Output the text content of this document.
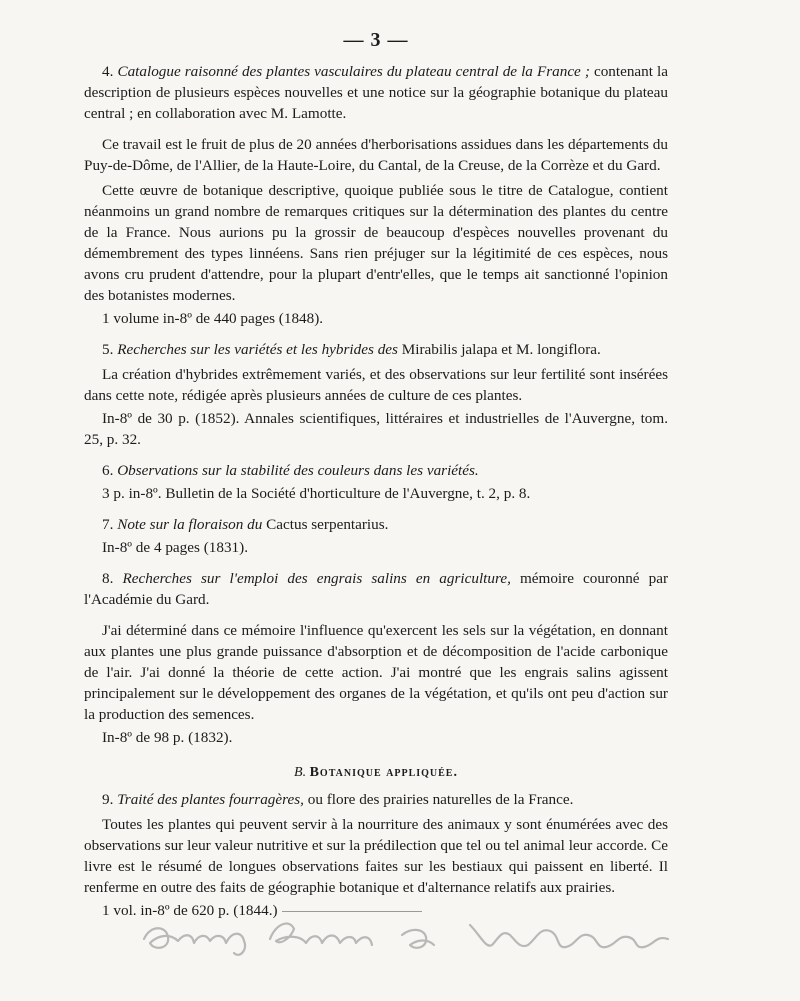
— 3 —

4. Catalogue raisonné des plantes vasculaires du plateau central de la France ; contenant la description de plusieurs espèces nouvelles et une notice sur la géographie botanique du plateau central ; en collaboration avec M. Lamotte.

Ce travail est le fruit de plus de 20 années d'herborisations assidues dans les départements du Puy-de-Dôme, de l'Allier, de la Haute-Loire, du Cantal, de la Creuse, de la Corrèze et du Gard.

Cette œuvre de botanique descriptive, quoique publiée sous le titre de Catalogue, contient néanmoins un grand nombre de remarques critiques sur la détermination des plantes du centre de la France. Nous aurions pu la grossir de beaucoup d'espèces nouvelles provenant du démembrement des types linnéens. Sans rien préjuger sur la légitimité de ces espèces, nous avons cru prudent d'attendre, pour la plupart d'entr'elles, que le temps ait sanctionné l'opinion des botanistes modernes.

1 volume in-8º de 440 pages (1848).

5. Recherches sur les variétés et les hybrides des Mirabilis jalapa et M. longiflora.

La création d'hybrides extrêmement variés, et des observations sur leur fertilité sont insérées dans cette note, rédigée après plusieurs années de culture de ces plantes.

In-8º de 30 p. (1852). Annales scientifiques, littéraires et industrielles de l'Auvergne, tom. 25, p. 32.

6. Observations sur la stabilité des couleurs dans les variétés.

3 p. in-8º. Bulletin de la Société d'horticulture de l'Auvergne, t. 2, p. 8.

7. Note sur la floraison du Cactus serpentarius.

In-8º de 4 pages (1831).

8. Recherches sur l'emploi des engrais salins en agriculture, mémoire couronné par l'Académie du Gard.

J'ai déterminé dans ce mémoire l'influence qu'exercent les sels sur la végétation, en donnant aux plantes une plus grande puissance d'absorption et de décomposition de l'acide carbonique de l'air. J'ai donné la théorie de cette action. J'ai montré que les engrais salins agissent principalement sur le développement des organes de la végétation, et qu'ils ont peu d'action sur la production des semences.

In-8º de 98 p. (1832).

B. Botanique appliquée.

9. Traité des plantes fourragères, ou flore des prairies naturelles de la France.

Toutes les plantes qui peuvent servir à la nourriture des animaux y sont énumérées avec des observations sur leur valeur nutritive et sur la prédilection que tel ou tel animal leur accorde. Ce livre est le résumé de longues observations faites sur les bestiaux qui paissent en liberté. Il renferme en outre des faits de géographie botanique et d'alternance relatifs aux prairies.

1 vol. in-8º de 620 p. (1844.)
